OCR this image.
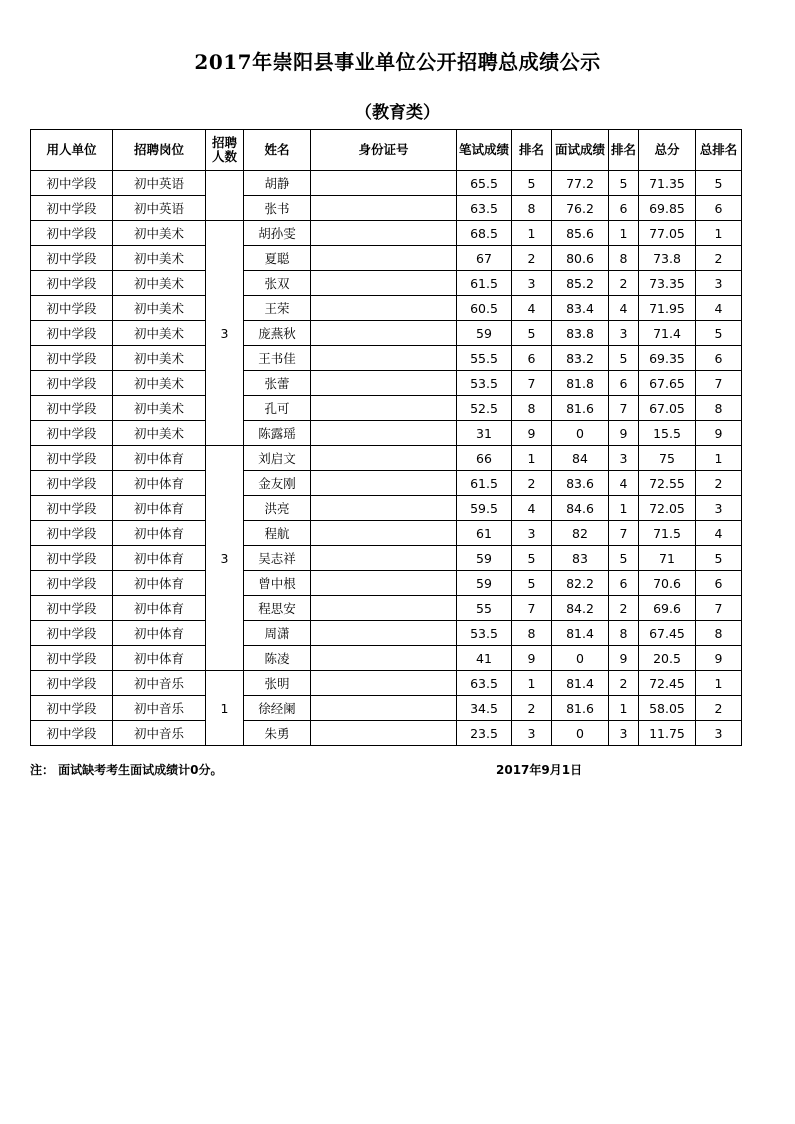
2017年崇阳县事业单位公开招聘总成绩公示
（教育类）
用人单位	招聘岗位	招聘人数	姓名	身份证号	笔试成绩	排名	面试成绩	排名	总分	总排名
初中学段	初中英语		胡静		65.5	5	77.2	5	71.35	5
初中学段	初中英语		张书		63.5	8	76.2	6	69.85	6
初中学段	初中美术	3	胡孙雯		68.5	1	85.6	1	77.05	1
初中学段	初中美术		夏聪		67	2	80.6	8	73.8	2
初中学段	初中美术		张双		61.5	3	85.2	2	73.35	3
初中学段	初中美术		王荣		60.5	4	83.4	4	71.95	4
初中学段	初中美术		庞燕秋		59	5	83.8	3	71.4	5
初中学段	初中美术		王书佳		55.5	6	83.2	5	69.35	6
初中学段	初中美术		张蕾		53.5	7	81.8	6	67.65	7
初中学段	初中美术		孔可		52.5	8	81.6	7	67.05	8
初中学段	初中美术		陈露瑶		31	9	0	9	15.5	9
初中学段	初中体育	3	刘启文		66	1	84	3	75	1
初中学段	初中体育		金友刚		61.5	2	83.6	4	72.55	2
初中学段	初中体育		洪亮		59.5	4	84.6	1	72.05	3
初中学段	初中体育		程航		61	3	82	7	71.5	4
初中学段	初中体育		吴志祥		59	5	83	5	71	5
初中学段	初中体育		曾中根		59	5	82.2	6	70.6	6
初中学段	初中体育		程思安		55	7	84.2	2	69.6	7
初中学段	初中体育		周潇		53.5	8	81.4	8	67.45	8
初中学段	初中体育		陈凌		41	9	0	9	20.5	9
初中学段	初中音乐	1	张明		63.5	1	81.4	2	72.45	1
初中学段	初中音乐		徐经阑		34.5	2	81.6	1	58.05	2
初中学段	初中音乐		朱勇		23.5	3	0	3	11.75	3
注： 面试缺考考生面试成绩计0分。	2017年9月1日
